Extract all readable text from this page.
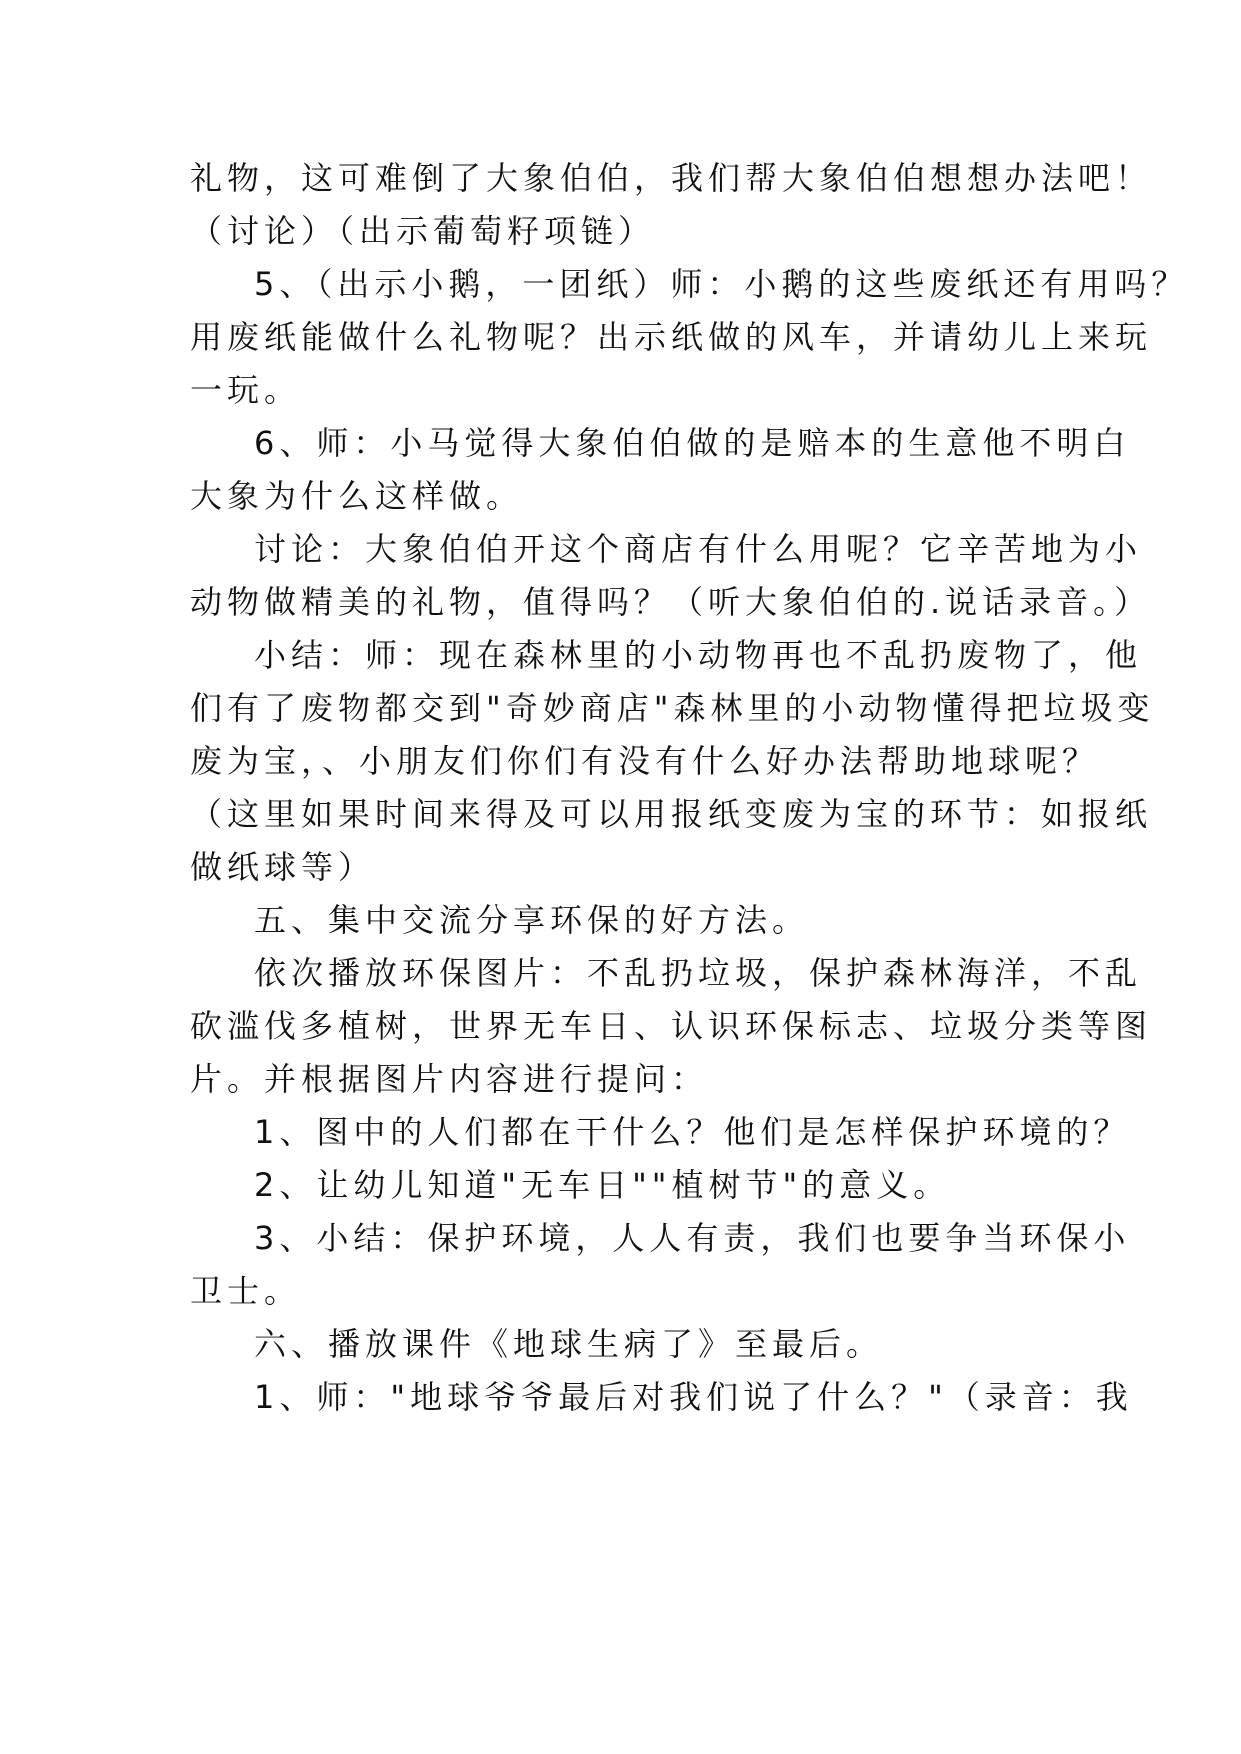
礼物，这可难倒了大象伯伯，我们帮大象伯伯想想办法吧！
（讨论）（出示葡萄籽项链）
5、（出示小鹅，一团纸）师：小鹅的这些废纸还有用吗？
用废纸能做什么礼物呢？出示纸做的风车，并请幼儿上来玩
一玩。
6、师：小马觉得大象伯伯做的是赔本的生意他不明白
大象为什么这样做。
讨论：大象伯伯开这个商店有什么用呢？它辛苦地为小
动物做精美的礼物，值得吗？（听大象伯伯的.说话录音。）
小结：师：现在森林里的小动物再也不乱扔废物了，他
们有了废物都交到"奇妙商店"森林里的小动物懂得把垃圾变
废为宝，、小朋友们你们有没有什么好办法帮助地球呢？
（这里如果时间来得及可以用报纸变废为宝的环节：如报纸
做纸球等）
五、集中交流分享环保的好方法。
依次播放环保图片：不乱扔垃圾，保护森林海洋，不乱
砍滥伐多植树，世界无车日、认识环保标志、垃圾分类等图
片。并根据图片内容进行提问：
1、图中的人们都在干什么？他们是怎样保护环境的？
2、让幼儿知道"无车日""植树节"的意义。
3、小结：保护环境，人人有责，我们也要争当环保小
卫士。
六、播放课件《地球生病了》至最后。
1、师："地球爷爷最后对我们说了什么？"（录音：我
